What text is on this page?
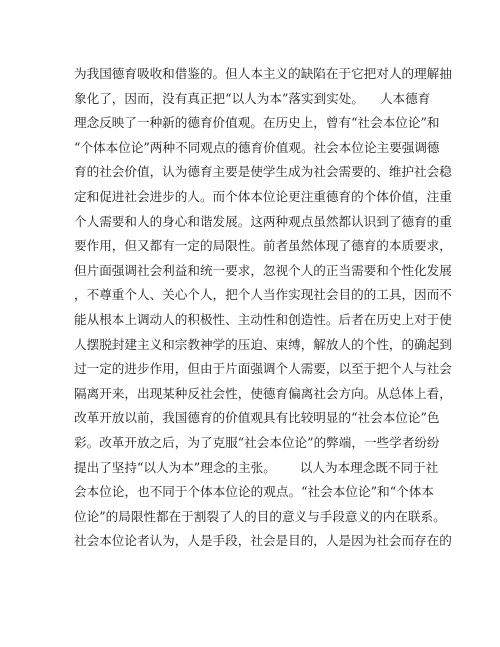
为我国德育吸收和借鉴的。但人本主义的缺陷在于它把对人的理解抽
象化了，因而，没有真正把“以人为本”落实到实处。    人本德育
理念反映了一种新的德育价值观。在历史上，曾有“社会本位论”和
“个体本位论”两种不同观点的德育价值观。社会本位论主要强调德
育的社会价值，认为德育主要是使学生成为社会需要的、维护社会稳
定和促进社会进步的人。而个体本位论更注重德育的个体价值，注重
个人需要和人的身心和谐发展。这两种观点虽然都认识到了德育的重
要作用，但又都有一定的局限性。前者虽然体现了德育的本质要求，
但片面强调社会利益和统一要求，忽视个人的正当需要和个性化发展
，不尊重个人、关心个人，把个人当作实现社会目的的工具，因而不
能从根本上调动人的积极性、主动性和创造性。后者在历史上对于使
人摆脱封建主义和宗教神学的压迫、束缚，解放人的个性，的确起到
过一定的进步作用，但由于片面强调个人需要，以至于把个人与社会
隔离开来，出现某种反社会性，使德育偏离社会方向。从总体上看，
改革开放以前，我国德育的价值观具有比较明显的“社会本位论”色
彩。改革开放之后，为了克服“社会本位论”的弊端，一些学者纷纷
提出了坚持“以人为本”理念的主张。      以人为本理念既不同于社
会本位论，也不同于个体本位论的观点。“社会本位论”和“个体本
位论”的局限性都在于割裂了人的目的意义与手段意义的内在联系。
社会本位论者认为，人是手段，社会是目的，人是因为社会而存在的
